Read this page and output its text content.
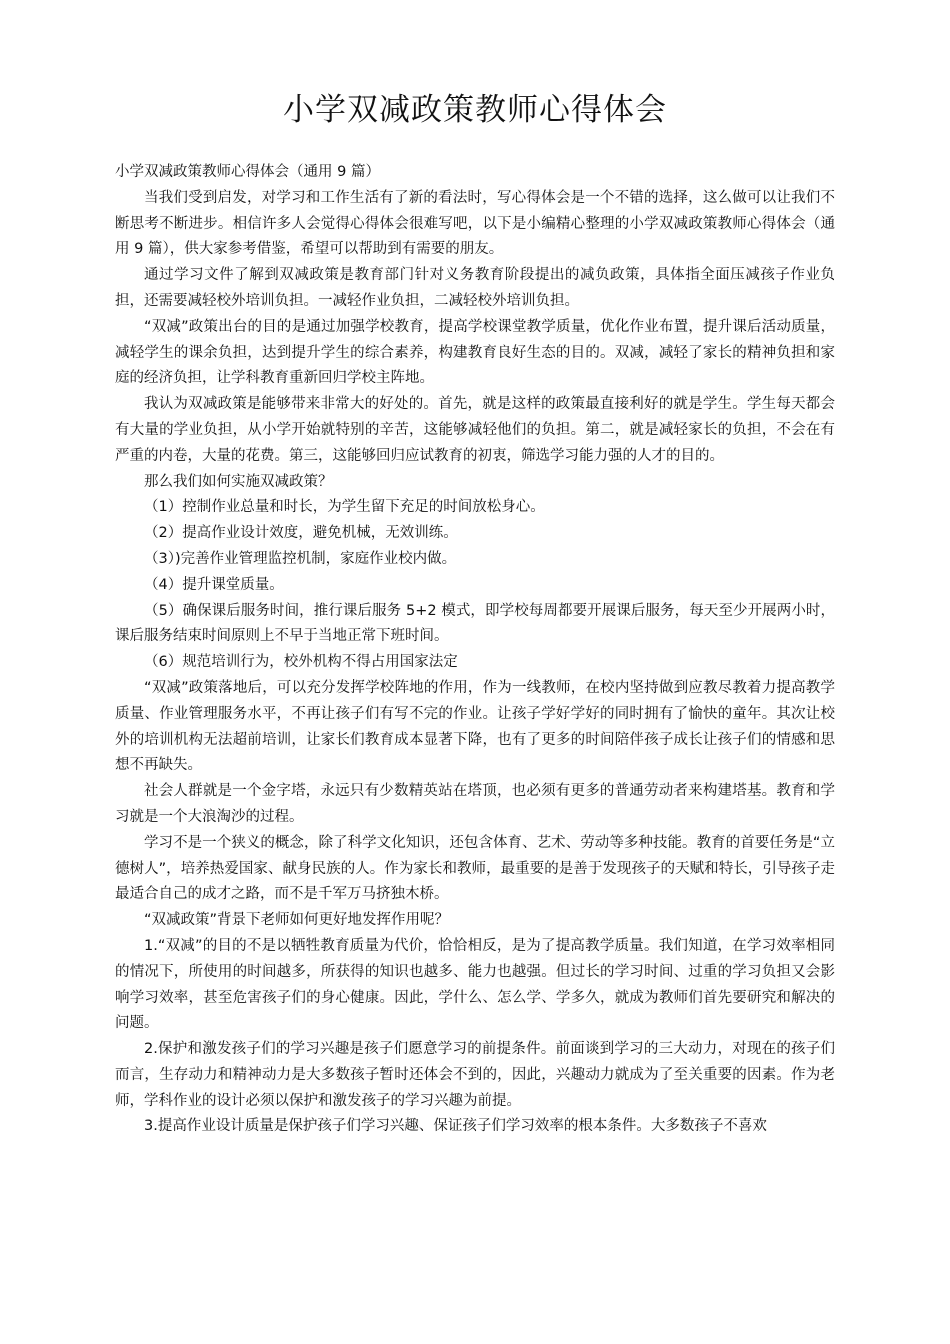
小学双减政策教师心得体会

小学双减政策教师心得体会（通用 9 篇）

当我们受到启发，对学习和工作生活有了新的看法时，写心得体会是一个不错的选择，这么做可以让我们不断思考不断进步。相信许多人会觉得心得体会很难写吧，以下是小编精心整理的小学双减政策教师心得体会（通用 9 篇），供大家参考借鉴，希望可以帮助到有需要的朋友。

通过学习文件了解到双减政策是教育部门针对义务教育阶段提出的减负政策，具体指全面压减孩子作业负担，还需要减轻校外培训负担。一减轻作业负担，二减轻校外培训负担。

“双减”政策出台的目的是通过加强学校教育，提高学校课堂教学质量，优化作业布置，提升课后活动质量，减轻学生的课余负担，达到提升学生的综合素养，构建教育良好生态的目的。双减，减轻了家长的精神负担和家庭的经济负担，让学科教育重新回归学校主阵地。

我认为双减政策是能够带来非常大的好处的。首先，就是这样的政策最直接利好的就是学生。学生每天都会有大量的学业负担，从小学开始就特别的辛苦，这能够减轻他们的负担。第二，就是减轻家长的负担，不会在有严重的内卷，大量的花费。第三，这能够回归应试教育的初衷，筛选学习能力强的人才的目的。

那么我们如何实施双减政策？

（1）控制作业总量和时长，为学生留下充足的时间放松身心。

（2）提高作业设计效度，避免机械，无效训练。

（3）)完善作业管理监控机制，家庭作业校内做。

（4）提升课堂质量。

（5）确保课后服务时间，推行课后服务 5+2 模式，即学校每周都要开展课后服务，每天至少开展两小时，课后服务结束时间原则上不早于当地正常下班时间。

（6）规范培训行为，校外机构不得占用国家法定

“双减”政策落地后，可以充分发挥学校阵地的作用，作为一线教师，在校内坚持做到应教尽教着力提高教学质量、作业管理服务水平，不再让孩子们有写不完的作业。让孩子学好学好的同时拥有了愉快的童年。其次让校外的培训机构无法超前培训，让家长们教育成本显著下降，也有了更多的时间陪伴孩子成长让孩子们的情感和思想不再缺失。

社会人群就是一个金字塔，永远只有少数精英站在塔顶，也必须有更多的普通劳动者来构建塔基。教育和学习就是一个大浪淘沙的过程。

学习不是一个狭义的概念，除了科学文化知识，还包含体育、艺术、劳动等多种技能。教育的首要任务是“立德树人”，培养热爱国家、献身民族的人。作为家长和教师，最重要的是善于发现孩子的天赋和特长，引导孩子走最适合自己的成才之路，而不是千军万马挤独木桥。

“双减政策”背景下老师如何更好地发挥作用呢？

1.“双减”的目的不是以牺牲教育质量为代价，恰恰相反，是为了提高教学质量。我们知道，在学习效率相同的情况下，所使用的时间越多，所获得的知识也越多、能力也越强。但过长的学习时间、过重的学习负担又会影响学习效率，甚至危害孩子们的身心健康。因此，学什么、怎么学、学多久，就成为教师们首先要研究和解决的问题。

2.保护和激发孩子们的学习兴趣是孩子们愿意学习的前提条件。前面谈到学习的三大动力，对现在的孩子们而言，生存动力和精神动力是大多数孩子暂时还体会不到的，因此，兴趣动力就成为了至关重要的因素。作为老师，学科作业的设计必须以保护和激发孩子的学习兴趣为前提。

3.提高作业设计质量是保护孩子们学习兴趣、保证孩子们学习效率的根本条件。大多数孩子不喜欢
